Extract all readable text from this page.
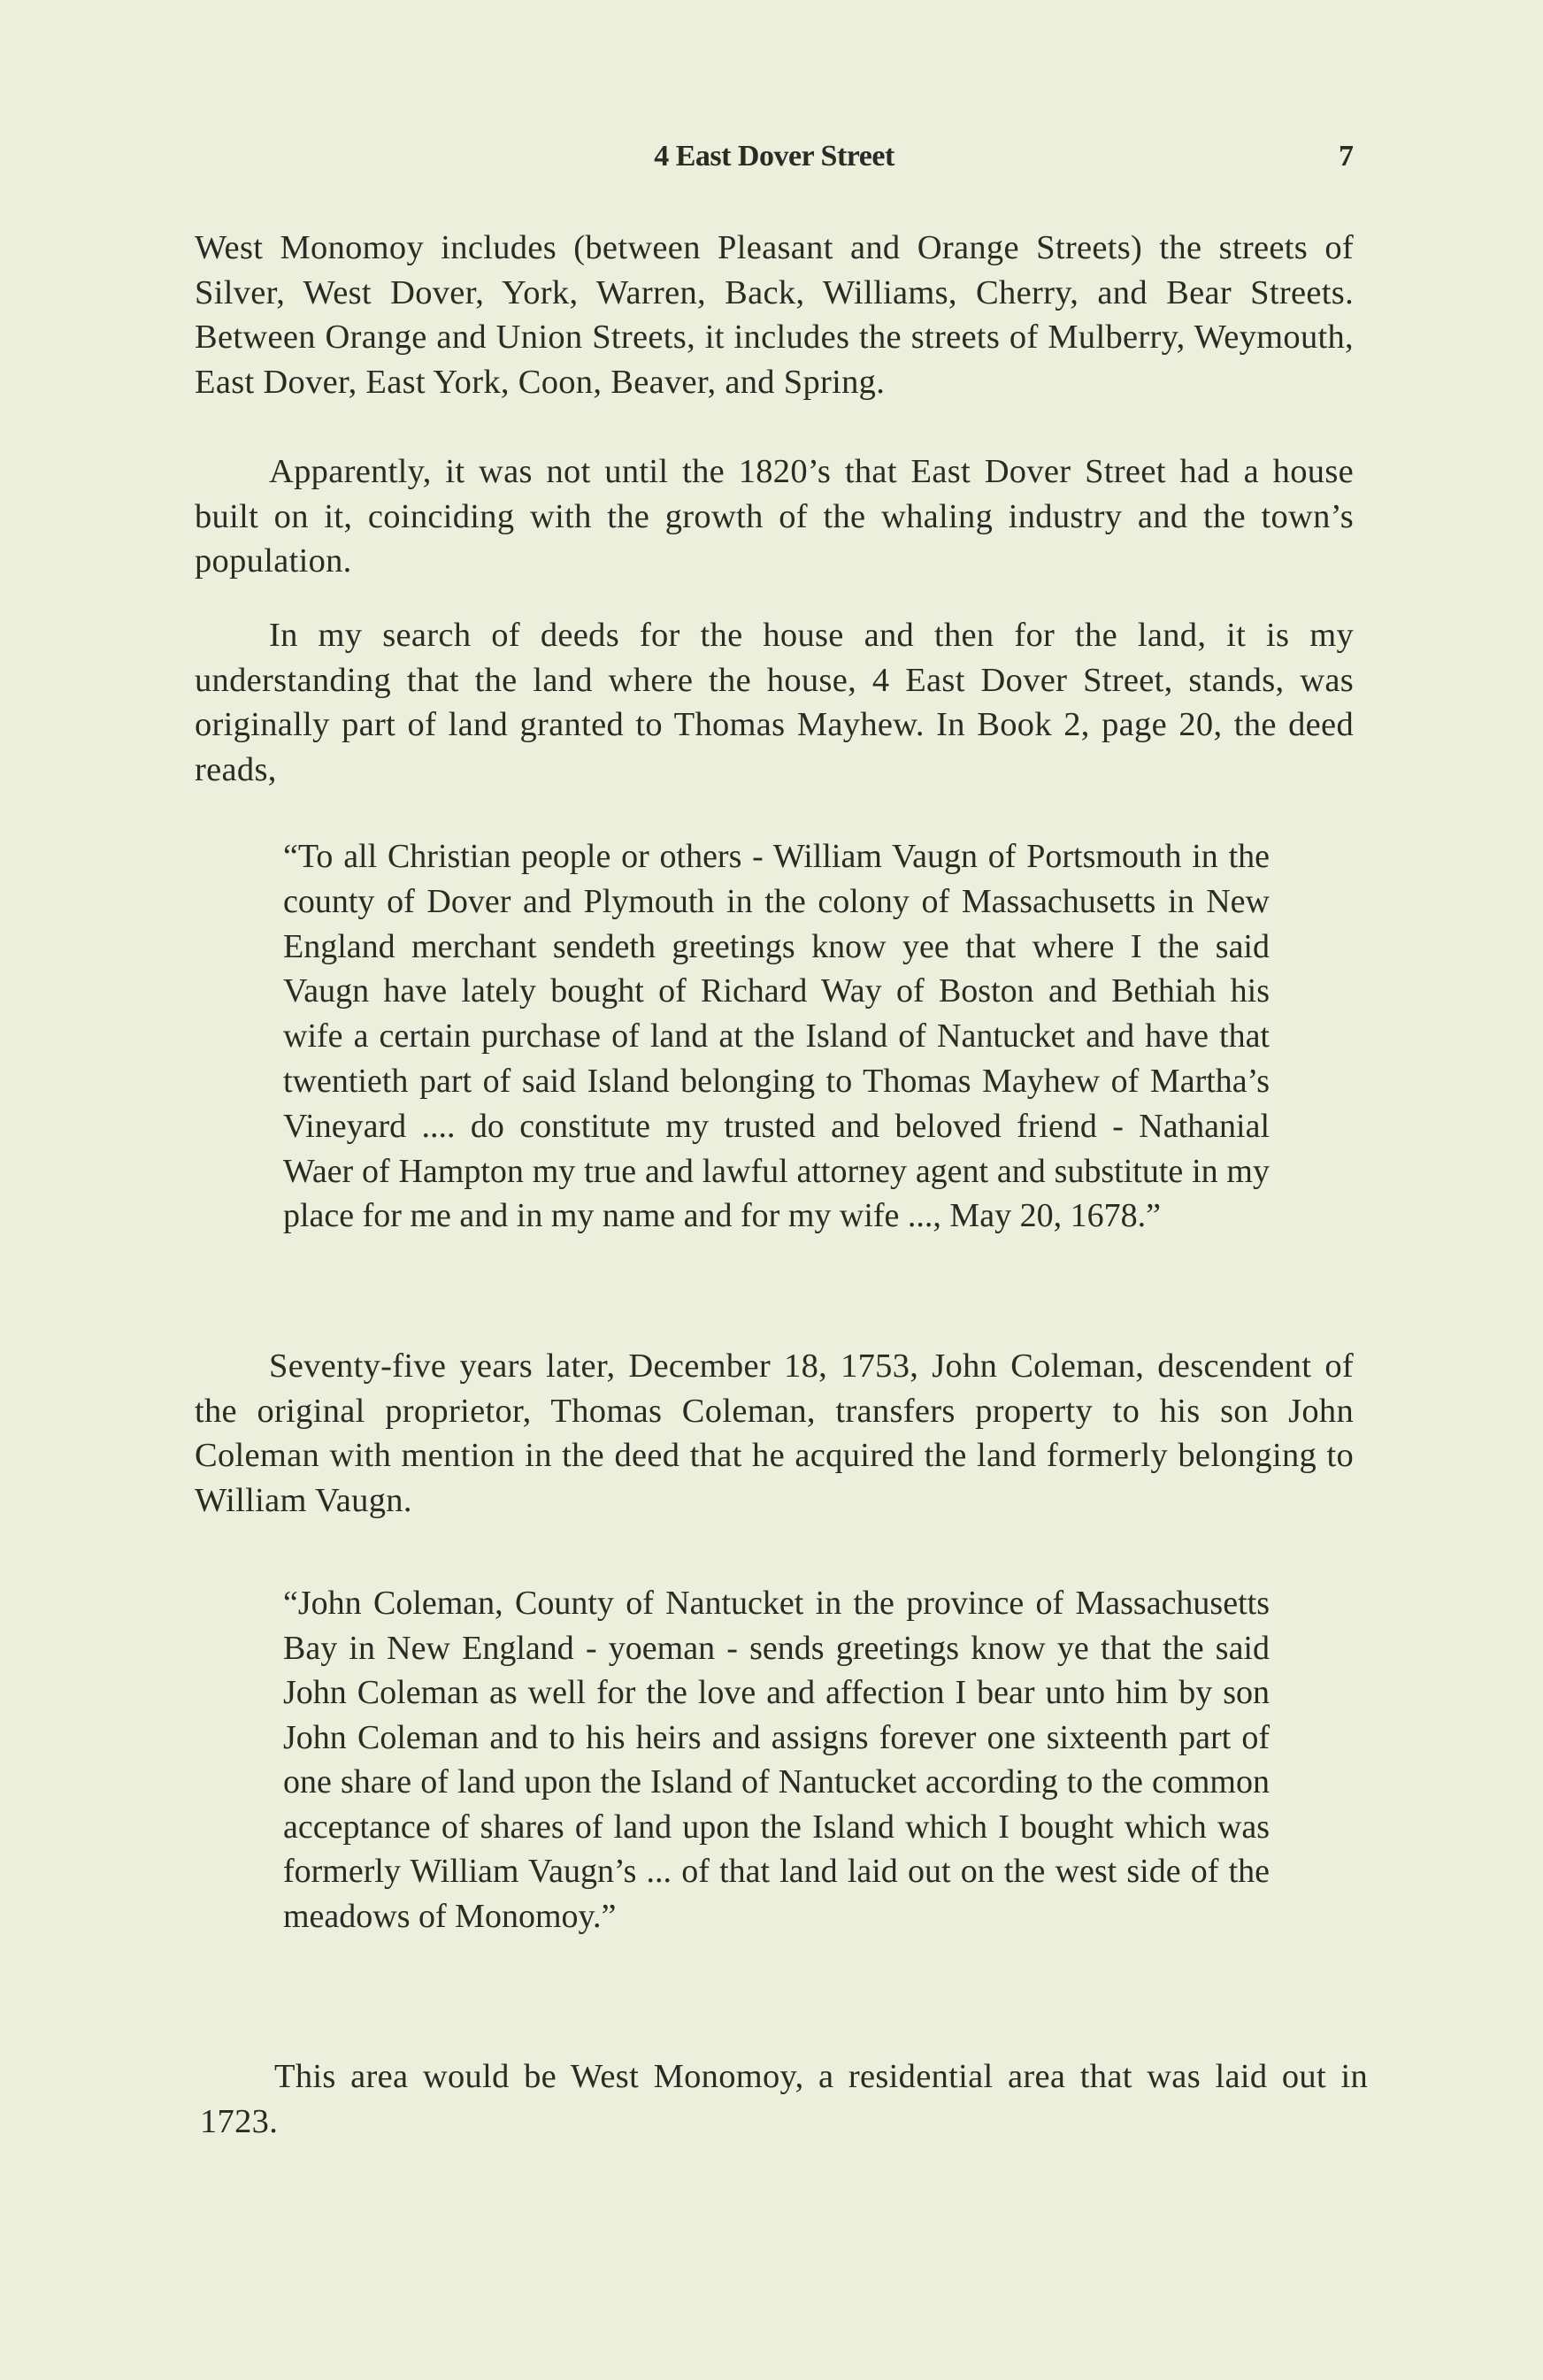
4 East Dover Street	7

West Monomoy includes (between Pleasant and Orange Streets) the streets of Silver, West Dover, York, Warren, Back, Williams, Cherry, and Bear Streets. Between Orange and Union Streets, it includes the streets of Mulberry, Weymouth, East Dover, East York, Coon, Beaver, and Spring.

Apparently, it was not until the 1820’s that East Dover Street had a house built on it, coinciding with the growth of the whaling industry and the town’s population.

In my search of deeds for the house and then for the land, it is my understanding that the land where the house, 4 East Dover Street, stands, was originally part of land granted to Thomas Mayhew. In Book 2, page 20, the deed reads,

“To all Christian people or others - William Vaugn of Portsmouth in the county of Dover and Plymouth in the colony of Massachusetts in New England merchant sendeth greetings know yee that where I the said Vaugn have lately bought of Richard Way of Boston and Bethiah his wife a certain purchase of land at the Island of Nantucket and have that twentieth part of said Island belonging to Thomas Mayhew of Martha’s Vineyard .... do constitute my trusted and beloved friend - Nathanial Waer of Hampton my true and lawful attorney agent and substitute in my place for me and in my name and for my wife ..., May 20, 1678.”

Seventy-five years later, December 18, 1753, John Coleman, descendent of the original proprietor, Thomas Coleman, transfers property to his son John Coleman with mention in the deed that he acquired the land formerly belonging to William Vaugn.

“John Coleman, County of Nantucket in the province of Massachusetts Bay in New England - yoeman - sends greetings know ye that the said John Coleman as well for the love and affection I bear unto him by son John Coleman and to his heirs and assigns forever one sixteenth part of one share of land upon the Island of Nantucket according to the common acceptance of shares of land upon the Island which I bought which was formerly William Vaugn’s ... of that land laid out on the west side of the meadows of Monomoy.”

This area would be West Monomoy, a residential area that was laid out in 1723.
